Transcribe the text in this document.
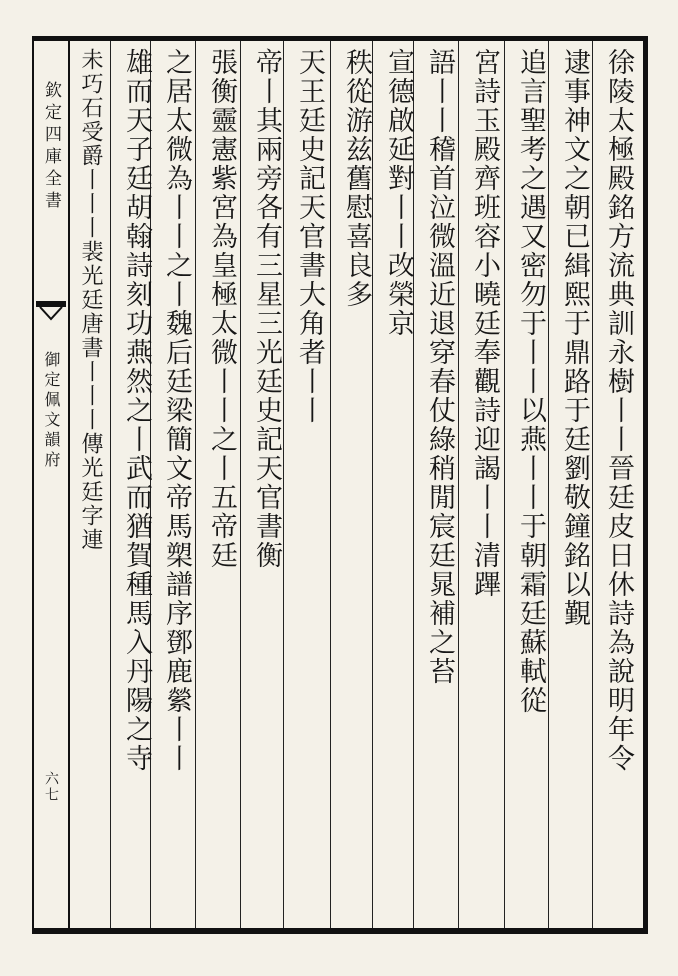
欽定四庫全書
御定佩文韻府
六七
徐陵太極殿銘方流典訓永樹丨丨晉廷皮日休詩為說明年令
逮事神文之朝已緝熙于鼎路于廷劉敬鐘銘以覲
追言聖考之遇又密勿于丨丨以燕丨丨于朝霜廷蘇軾從
宮詩玉殿齊班容小曉廷奉觀詩迎謁丨丨清蹕
語丨丨稽首泣微溫近退穿春仗綠稍閒宸廷晁補之苔
宣德啟延對丨丨改榮京
秩從游兹舊慰喜良多
天王廷史記天官書大角者丨丨
帝丨其兩旁各有三星三光廷史記天官書衡
張衡靈憲紫宮為皇極太微丨丨之丨五帝廷
之居太微為丨丨之丨魏后廷梁簡文帝馬槊譜序鄧鹿縈丨丨
雄而天子廷胡翰詩刻功燕然之丨武而猶賀種馬入丹陽之寺
未巧石受爵丨丨丨裴光廷唐書丨丨丨傳光廷字連
